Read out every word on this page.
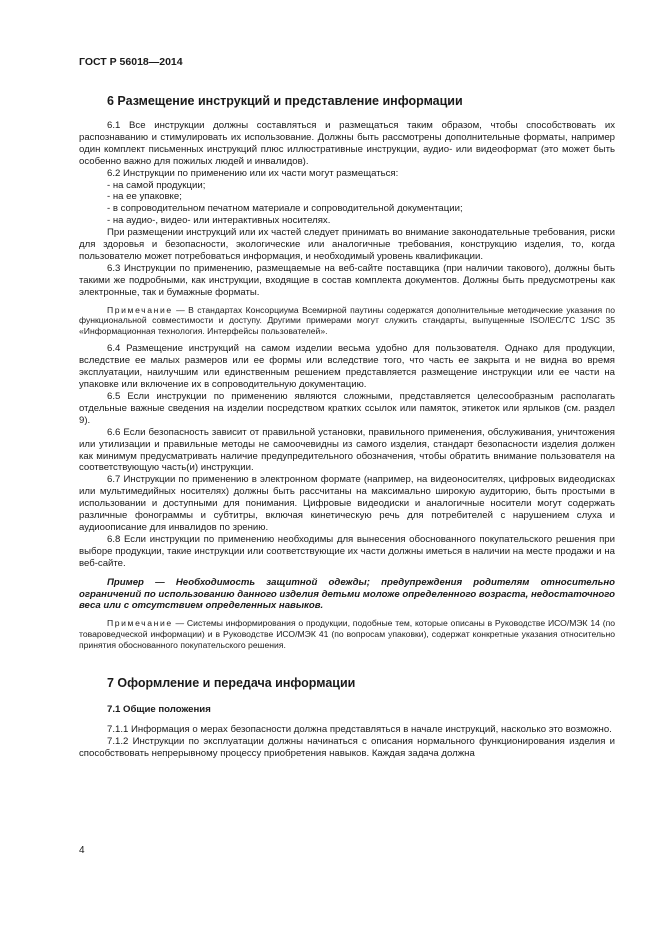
ГОСТ Р 56018—2014
6 Размещение инструкций и представление информации

6.1 Все инструкции должны составляться и размещаться таким образом, чтобы способствовать их распознаванию и стимулировать их использование. Должны быть рассмотрены дополнительные форматы, например один комплект письменных инструкций плюс иллюстративные инструкции, аудио- или видеоформат (это может быть особенно важно для пожилых людей и инвалидов).

6.2 Инструкции по применению или их части могут размещаться:

- на самой продукции;

- на ее упаковке;

- в сопроводительном печатном материале и сопроводительной документации;

- на аудио-, видео- или интерактивных носителях.

При размещении инструкций или их частей следует принимать во внимание законодательные требования, риски для здоровья и безопасности, экологические или аналогичные требования, конструкцию изделия, то, когда пользователю может потребоваться информация, и необходимый уровень квалификации.

6.3 Инструкции по применению, размещаемые на веб-сайте поставщика (при наличии такового), должны быть такими же подробными, как инструкции, входящие в состав комплекта документов. Должны быть предусмотрены как электронные, так и бумажные форматы.

Примечание — В стандартах Консорциума Всемирной паутины содержатся дополнительные методические указания по функциональной совместимости и доступу. Другими примерами могут служить стандарты, выпущенные ISO/IEC/TC 1/SC 35 «Информационная технология. Интерфейсы пользователей».

6.4 Размещение инструкций на самом изделии весьма удобно для пользователя. Однако для продукции, вследствие ее малых размеров или ее формы или вследствие того, что часть ее закрыта и не видна во время эксплуатации, наилучшим или единственным решением представляется размещение инструкции или ее части на упаковке или включение их в сопроводительную документацию.

6.5 Если инструкции по применению являются сложными, представляется целесообразным располагать отдельные важные сведения на изделии посредством кратких ссылок или памяток, этикеток или ярлыков (см. раздел 9).

6.6 Если безопасность зависит от правильной установки, правильного применения, обслуживания, уничтожения или утилизации и правильные методы не самоочевидны из самого изделия, стандарт безопасности изделия должен как минимум предусматривать наличие предупредительного обозначения, чтобы обратить внимание пользователя на соответствующую часть(и) инструкции.

6.7 Инструкции по применению в электронном формате (например, на видеоносителях, цифровых видеодисках или мультимедийных носителях) должны быть рассчитаны на максимально широкую аудиторию, быть простыми в использовании и доступными для понимания. Цифровые видеодиски и аналогичные носители могут содержать различные фонограммы и субтитры, включая кинетическую речь для потребителей с нарушением слуха и аудиоописание для инвалидов по зрению.

6.8 Если инструкции по применению необходимы для вынесения обоснованного покупательского решения при выборе продукции, такие инструкции или соответствующие их части должны иметься в наличии на месте продажи и на веб-сайте.

Пример — Необходимость защитной одежды; предупреждения родителям относительно ограничений по использованию данного изделия детьми моложе определенного возраста, недостаточного веса или с отсутствием определенных навыков.

Примечание — Системы информирования о продукции, подобные тем, которые описаны в Руководстве ИСО/МЭК 14 (по товароведческой информации) и в Руководстве ИСО/МЭК 41 (по вопросам упаковки), содержат конкретные указания относительно принятия обоснованного покупательского решения.

7 Оформление и передача информации
7.1 Общие положения

7.1.1 Информация о мерах безопасности должна представляться в начале инструкций, насколько это возможно.

7.1.2 Инструкции по эксплуатации должны начинаться с описания нормального функционирования изделия и способствовать непрерывному процессу приобретения навыков. Каждая задача должна

4
